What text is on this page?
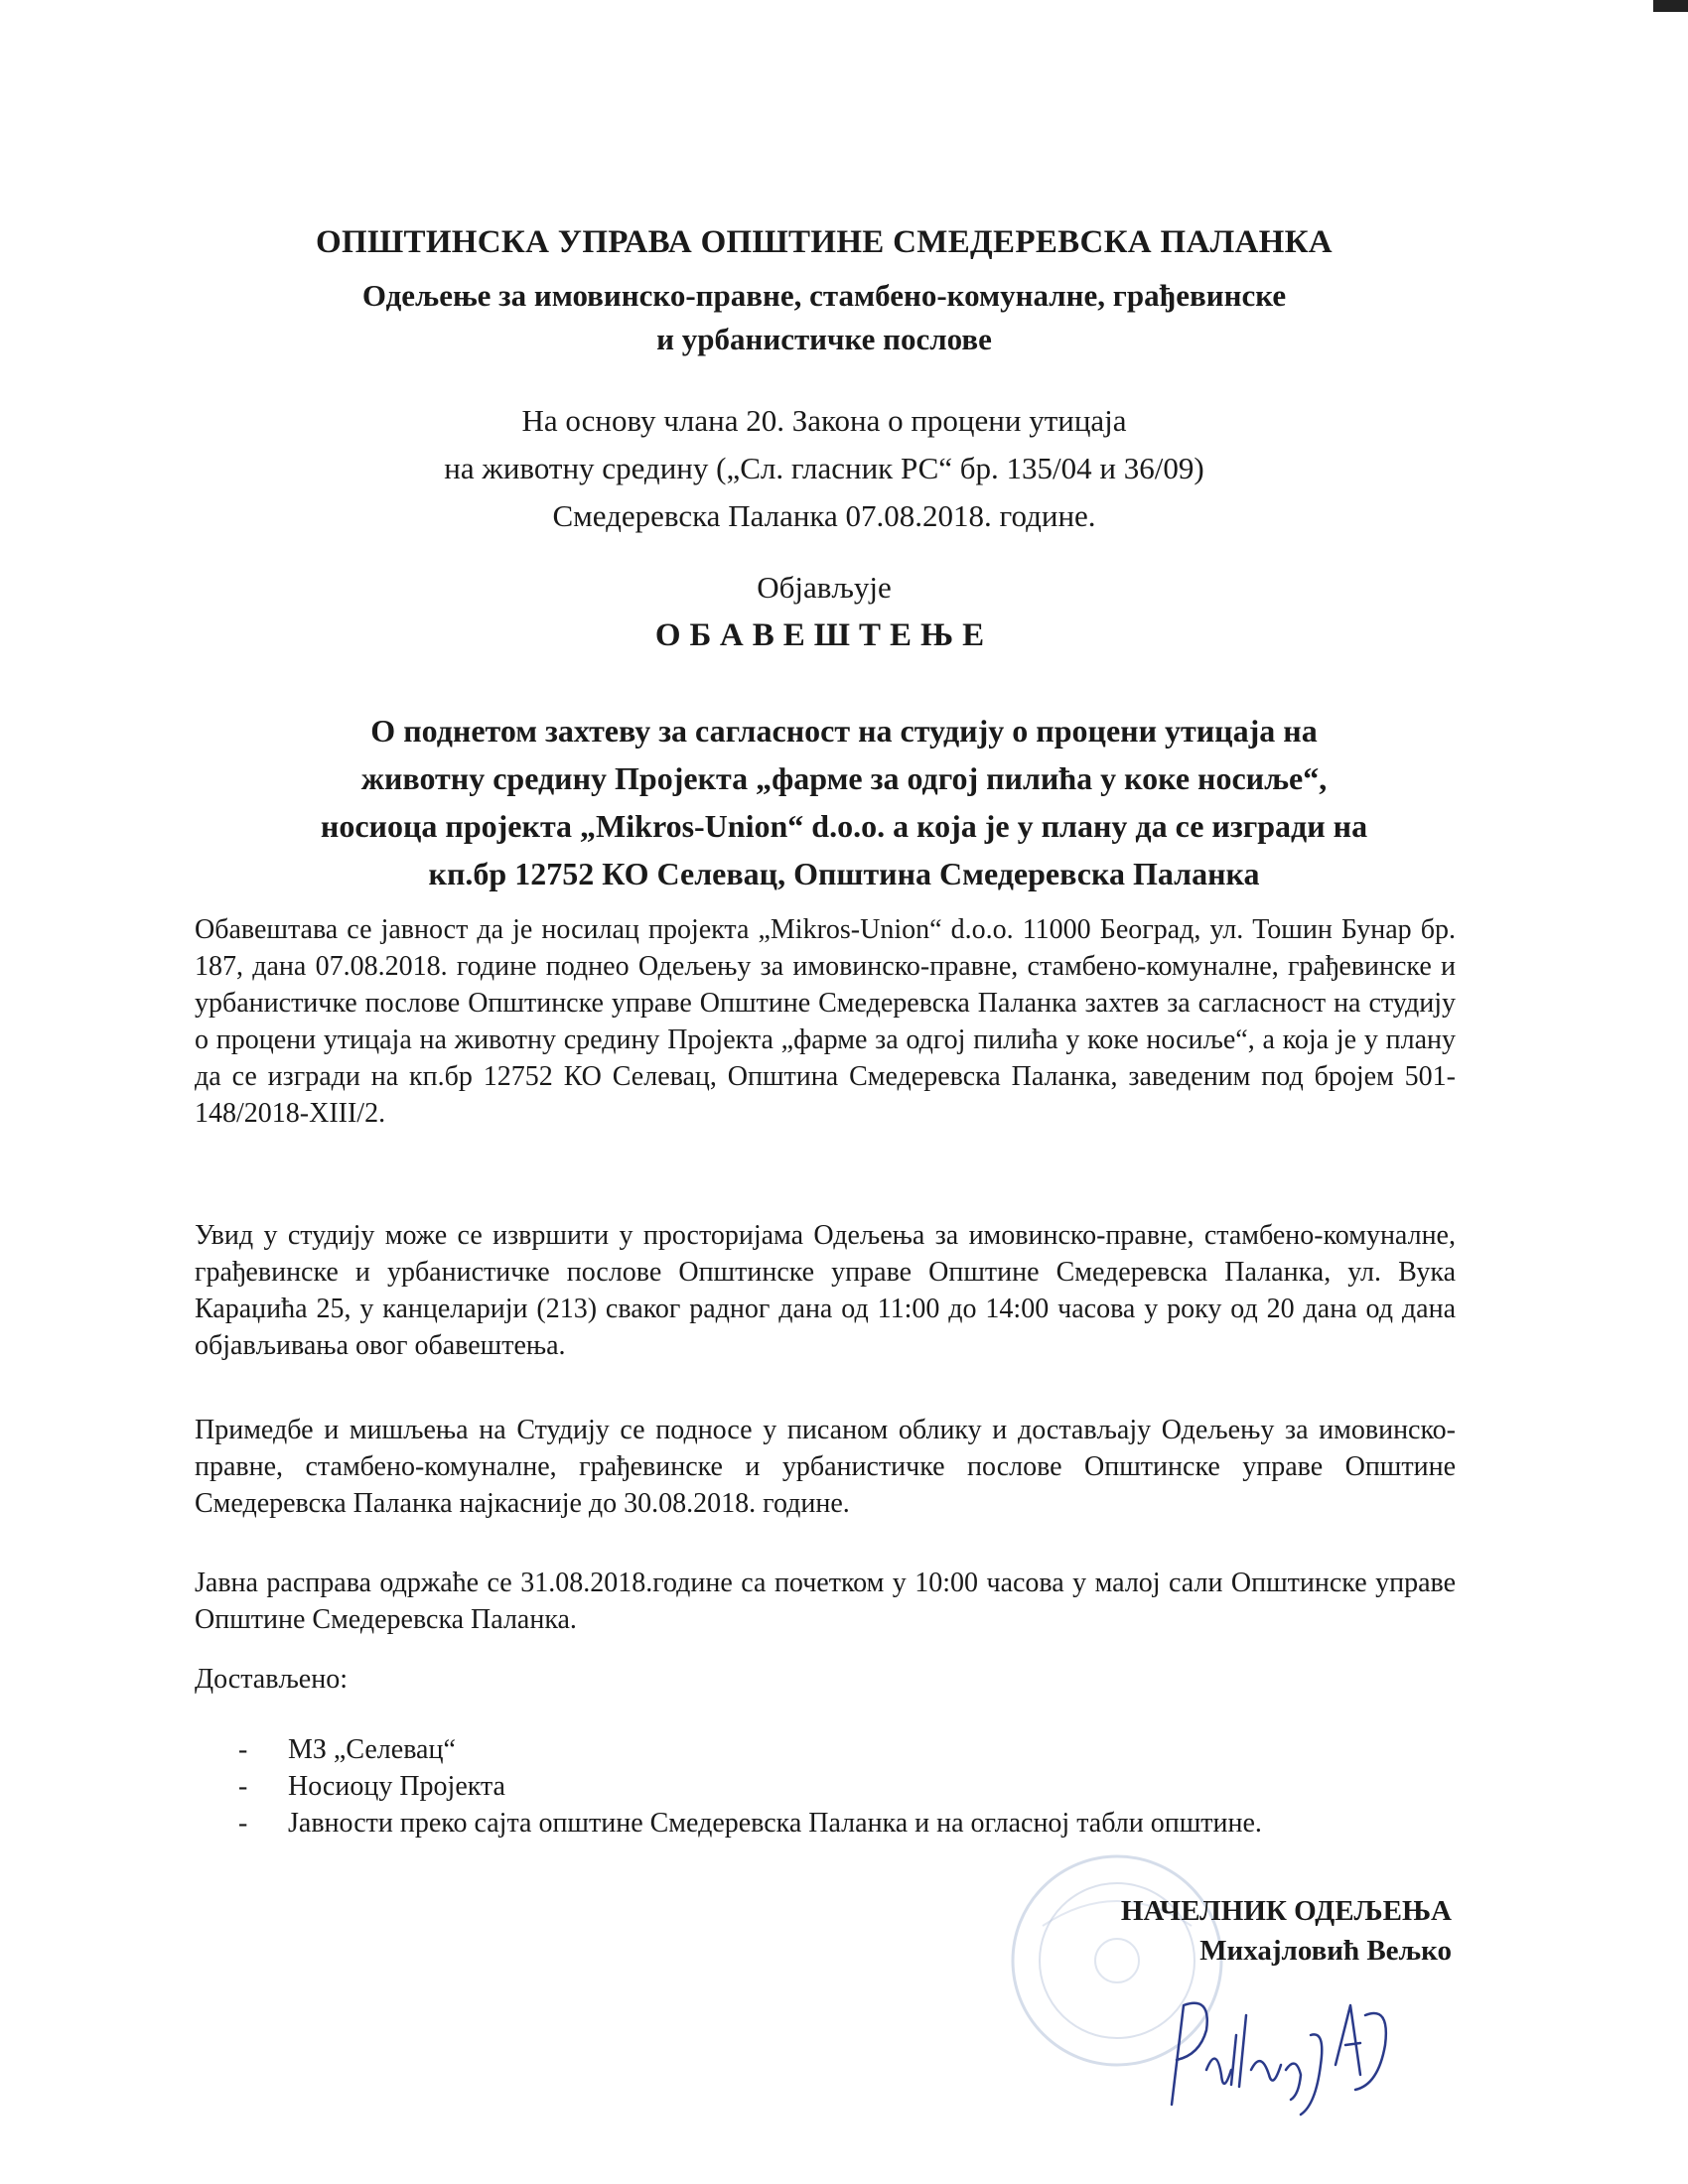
ОПШТИНСКА УПРАВА ОПШТИНЕ СМЕДЕРЕВСКА ПАЛАНКА
Одељење за имовинско-правне, стамбено-комуналне, грађевинске
и урбанистичке послове
На основу члана 20. Закона о процени утицаја
на животну средину („Сл. гласник РС“ бр. 135/04 и 36/09)
Смедеревска Паланка 07.08.2018. године.
Објављује
ОБАВЕШТЕЊЕ
О поднетом захтеву за сагласност на студију о процени утицаја на
животну средину Пројекта „фарме за одгој пилића у коке носиље“,
носиоца пројекта „Mikros-Union“ d.o.o. а која је у плану да се изгради на
кп.бр 12752 КО Селевац, Општина Смедеревска Паланка
Обавештава се јавност да је носилац пројекта „Mikros-Union“ d.o.o. 11000 Београд, ул. Тошин Бунар бр. 187, дана 07.08.2018. године поднео Одељењу за имовинско-правне, стамбено-комуналне, грађевинске и урбанистичке послове Општинске управе Општине Смедеревска Паланка захтев за сагласност на студију о процени утицаја на животну средину Пројекта „фарме за одгој пилића у коке носиље“, а која је у плану да се изгради на кп.бр 12752 КО Селевац, Општина Смедеревска Паланка, заведеним под бројем 501-148/2018-XIII/2.
Увид у студију може се извршити у просторијама Одељења за имовинско-правне, стамбено-комуналне, грађевинске и урбанистичке послове Општинске управе Општине Смедеревска Паланка, ул. Вука Караџића 25, у канцеларији (213) сваког радног дана од 11:00 до 14:00 часова у року од 20 дана од дана објављивања овог обавештења.
Примедбе и мишљења на Студију се подносе у писаном облику и достављају Одељењу за имовинско-правне, стамбено-комуналне, грађевинске и урбанистичке послове Општинске управе Општине Смедеревска Паланка најкасније до 30.08.2018. године.
Јавна расправа одржаће се 31.08.2018.године са почетком у 10:00 часова у малој сали Општинске управе Општине Смедеревска Паланка.
Достављено:
- МЗ „Селевац“
- Носиоцу Пројекта
- Јавности преко сајта општине Смедеревска Паланка и на огласној табли општине.
НАЧЕЛНИК ОДЕЉЕЊА
Михајловић Вељко
